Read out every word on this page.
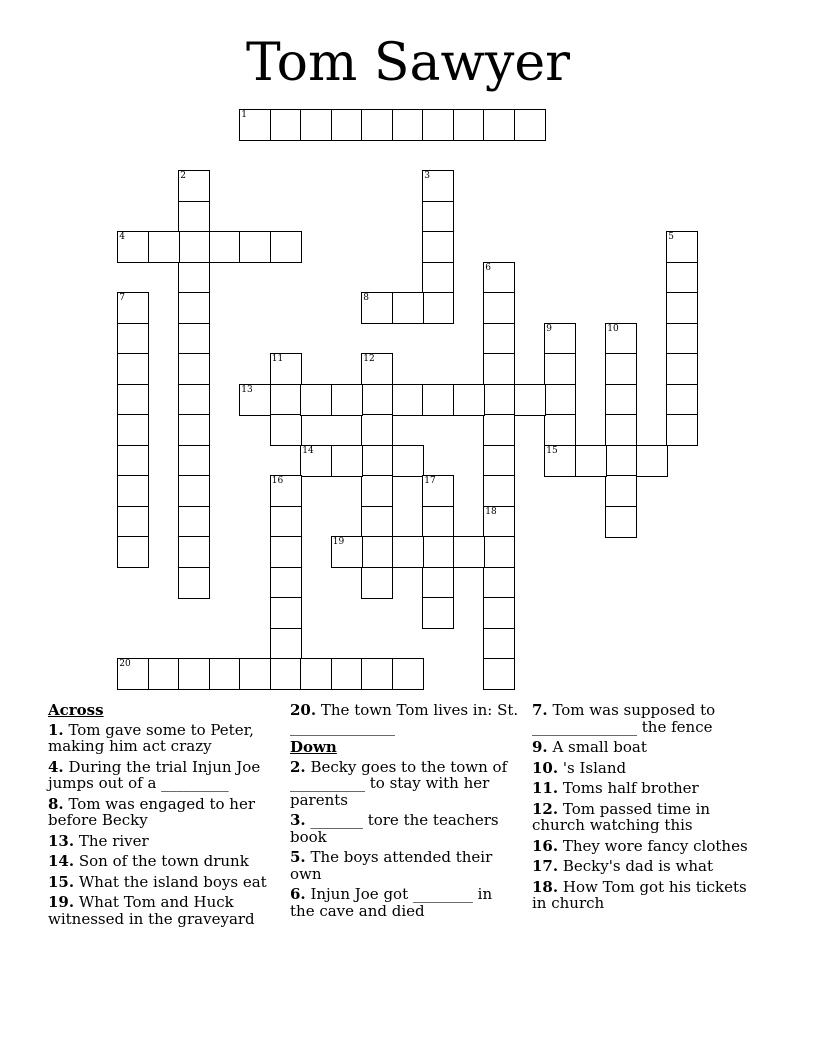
Tom Sawyer
1
2	3
4	5
6
7	8
9
15
10
11	12
13
14
16	17
18
19
20
Across
1. Tom gave some to Peter, making him act crazy
4. During the trial Injun Joe jumps out of a _________
8. Tom was engaged to her before Becky
13. The river
14. Son of the town drunk
15. What the island boys eat
19. What Tom and Huck witnessed in the graveyard
20. The town Tom lives in: St. ______________
Down
2. Becky goes to the town of __________ to stay with her parents
3. _______ tore the teachers book
5. The boys attended their own
6. Injun Joe got ________ in the cave and died
7. Tom was supposed to ______________ the fence
9. A small boat
10. 's Island
11. Toms half brother
12. Tom passed time in church watching this
16. They wore fancy clothes
17. Becky's dad is what
18. How Tom got his tickets in church
